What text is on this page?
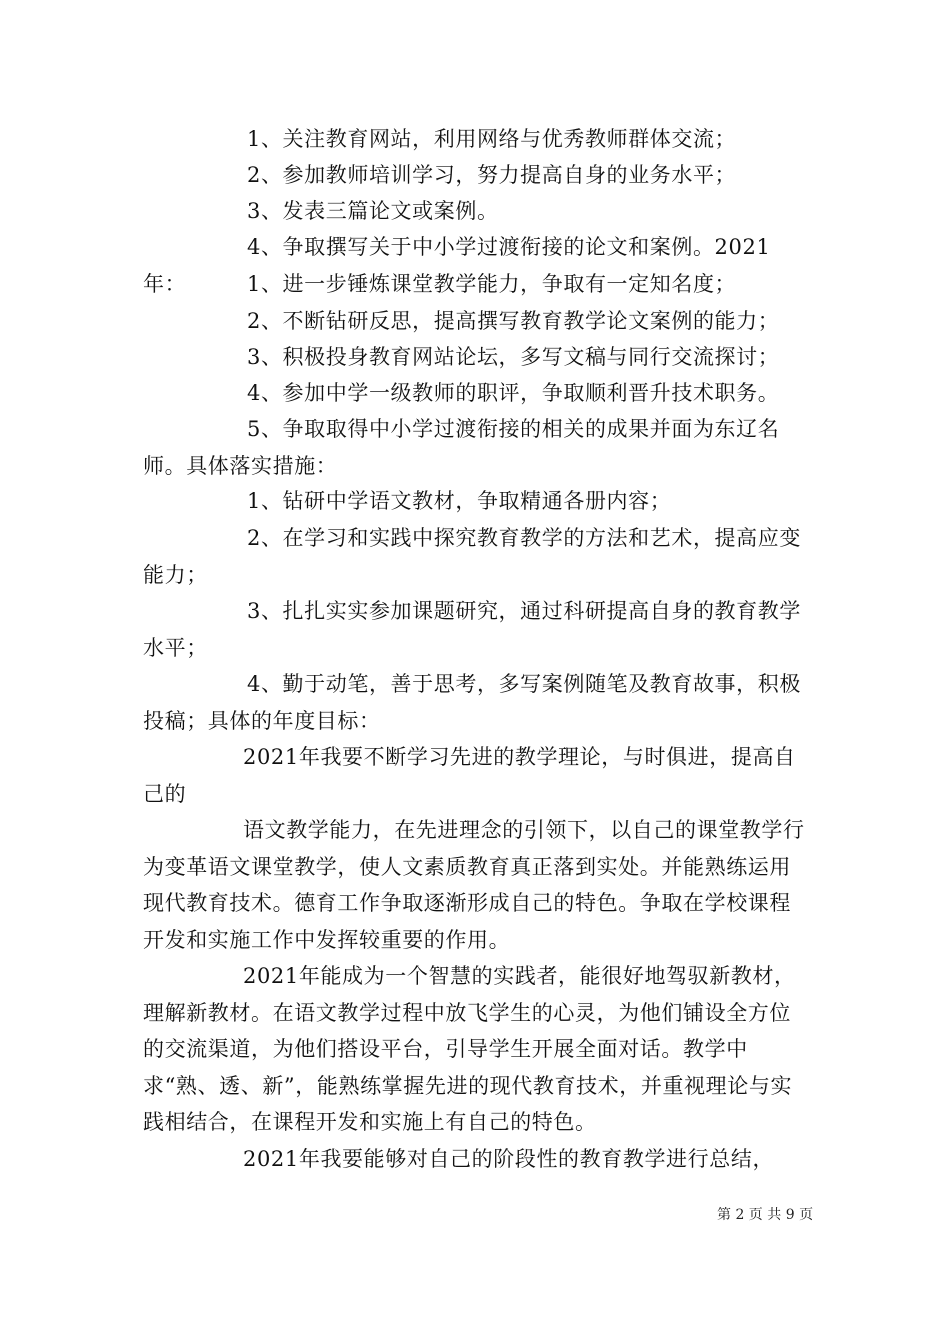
1、关注教育网站，利用网络与优秀教师群体交流；

2、参加教师培训学习，努力提高自身的业务水平；

3、发表三篇论文或案例。

4、争取撰写关于中小学过渡衔接的论文和案例。2021年：	1、进一步锤炼课堂教学能力，争取有一定知名度；

2、不断钻研反思，提高撰写教育教学论文案例的能力；

3、积极投身教育网站论坛，多写文稿与同行交流探讨；

4、参加中学一级教师的职评，争取顺利晋升技术职务。

5、争取取得中小学过渡衔接的相关的成果并面为东辽名师。具体落实措施：

1、钻研中学语文教材，争取精通各册内容；

2、在学习和实践中探究教育教学的方法和艺术，提高应变能力；

3、扎扎实实参加课题研究，通过科研提高自身的教育教学水平；

4、勤于动笔，善于思考，多写案例随笔及教育故事，积极投稿；具体的年度目标：

2021年我要不断学习先进的教学理论，与时俱进，提高自己的

语文教学能力，在先进理念的引领下，以自己的课堂教学行为变革语文课堂教学，使人文素质教育真正落到实处。并能熟练运用现代教育技术。德育工作争取逐渐形成自己的特色。争取在学校课程开发和实施工作中发挥较重要的作用。

2021年能成为一个智慧的实践者，能很好地驾驭新教材，理解新教材。在语文教学过程中放飞学生的心灵，为他们铺设全方位的交流渠道，为他们搭设平台，引导学生开展全面对话。教学中求“熟、透、新”，能熟练掌握先进的现代教育技术，并重视理论与实践相结合，在课程开发和实施上有自己的特色。

2021年我要能够对自己的阶段性的教育教学进行总结，

第 2 页 共 9 页
